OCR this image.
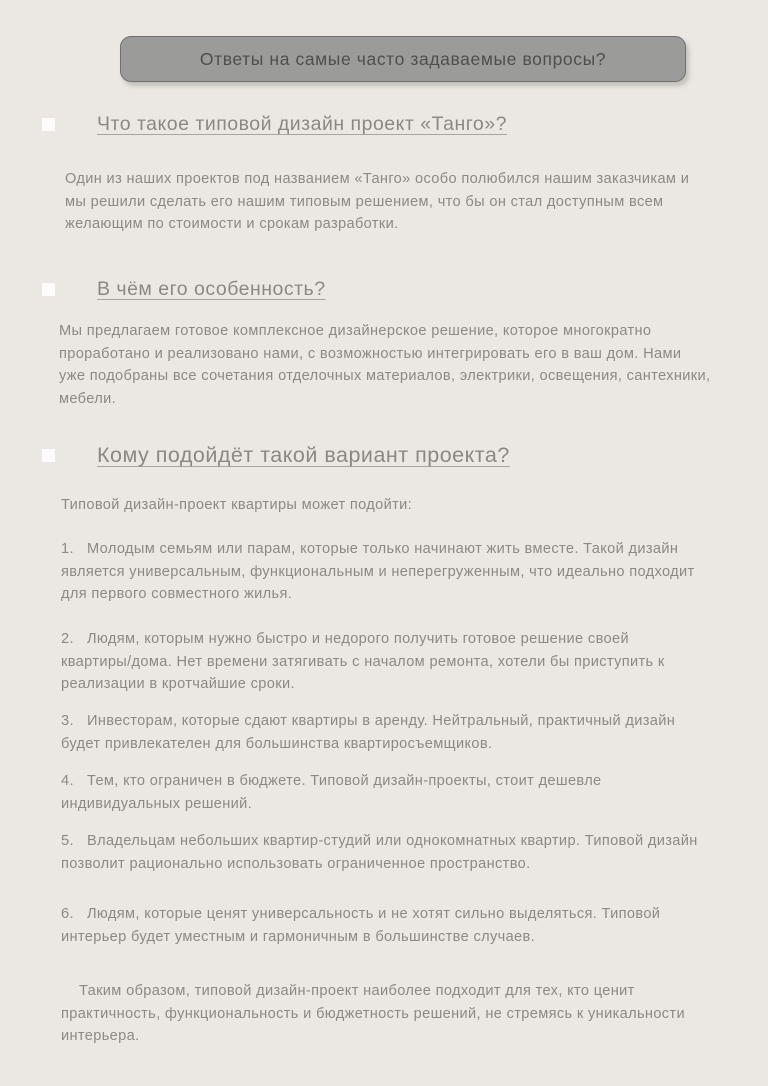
Ответы на самые часто задаваемые вопросы?
Что такое типовой дизайн проект «Танго»?

Один из наших проектов под названием «Танго» особо полюбился нашим заказчикам и мы решили сделать его нашим типовым решением, что бы он стал доступным всем желающим по стоимости и срокам разработки.

В чём его особенность?

Мы предлагаем готовое комплексное дизайнерское решение, которое многократно проработано и реализовано нами, с возможностью интегрировать его в ваш дом. Нами уже подобраны все сочетания отделочных материалов, электрики, освещения, сантехники, мебели.

Кому подойдёт такой вариант проекта?

Типовой дизайн-проект квартиры может подойти:

1. Молодым семьям или парам, которые только начинают жить вместе. Такой дизайн является универсальным, функциональным и неперегруженным, что идеально подходит для первого совместного жилья.

2. Людям, которым нужно быстро и недорого получить готовое решение своей квартиры/дома. Нет времени затягивать с началом ремонта, хотели бы приступить к реализации в кротчайшие сроки.

3. Инвесторам, которые сдают квартиры в аренду. Нейтральный, практичный дизайн будет привлекателен для большинства квартиросъемщиков.

4. Тем, кто ограничен в бюджете. Типовой дизайн-проекты, стоит дешевле индивидуальных решений.

5. Владельцам небольших квартир-студий или однокомнатных квартир. Типовой дизайн позволит рационально использовать ограниченное пространство.

6. Людям, которые ценят универсальность и не хотят сильно выделяться. Типовой интерьер будет уместным и гармоничным в большинстве случаев.

Таким образом, типовой дизайн-проект наиболее подходит для тех, кто ценит практичность, функциональность и бюджетность решений, не стремясь к уникальности интерьера.
